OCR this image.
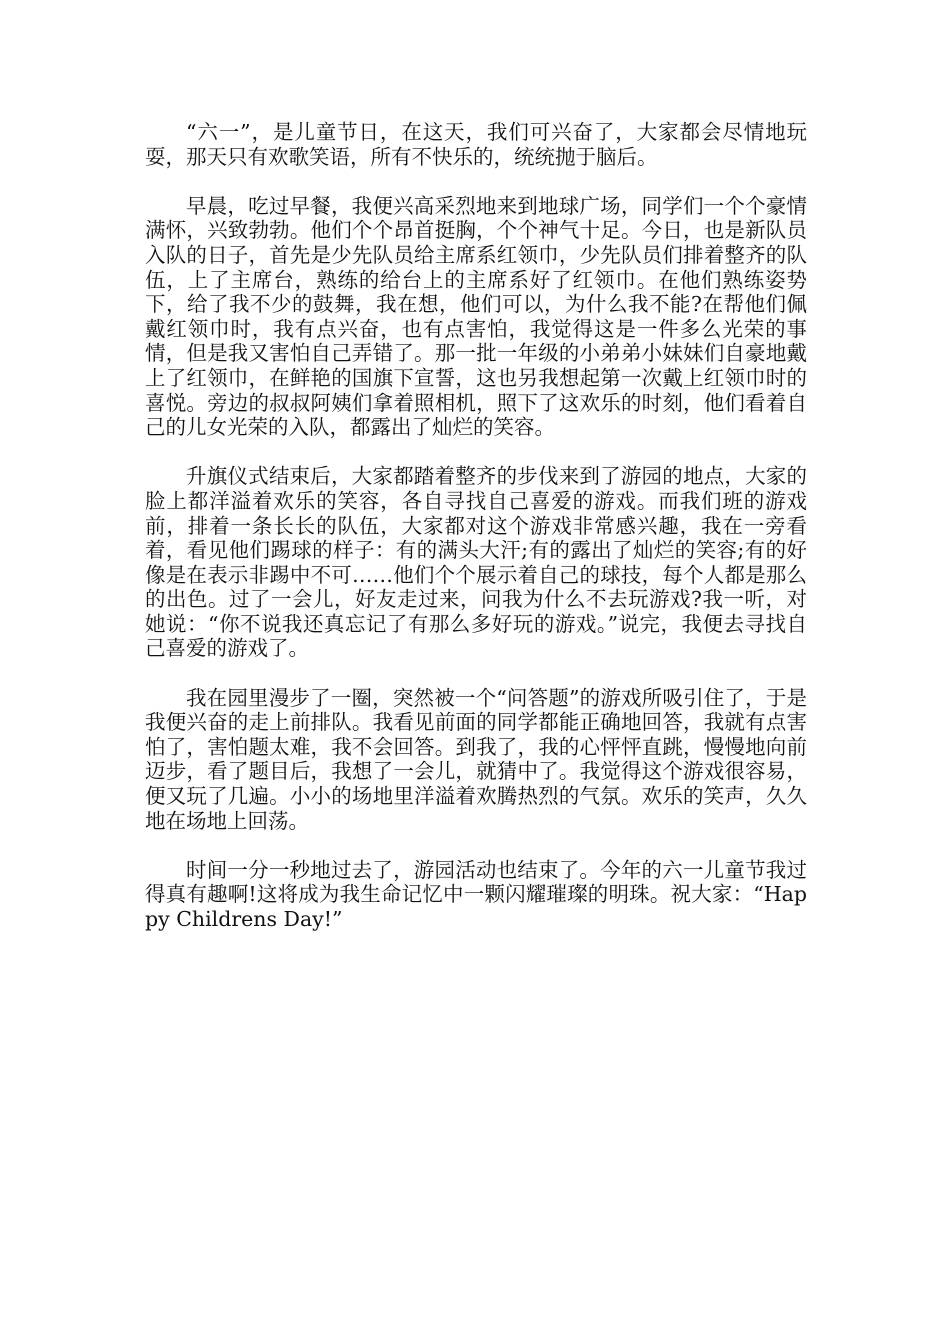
“六一”，是儿童节日，在这天，我们可兴奋了，大家都会尽情地玩耍，那天只有欢歌笑语，所有不快乐的，统统抛于脑后。

早晨，吃过早餐，我便兴高采烈地来到地球广场，同学们一个个豪情满怀，兴致勃勃。他们个个昂首挺胸，个个神气十足。今日，也是新队员入队的日子，首先是少先队员给主席系红领巾，少先队员们排着整齐的队伍，上了主席台，熟练的给台上的主席系好了红领巾。在他们熟练姿势下，给了我不少的鼓舞，我在想，他们可以，为什么我不能?在帮他们佩戴红领巾时，我有点兴奋，也有点害怕，我觉得这是一件多么光荣的事情，但是我又害怕自己弄错了。那一批一年级的小弟弟小妹妹们自豪地戴上了红领巾，在鲜艳的国旗下宣誓，这也另我想起第一次戴上红领巾时的喜悦。旁边的叔叔阿姨们拿着照相机，照下了这欢乐的时刻，他们看着自己的儿女光荣的入队，都露出了灿烂的笑容。

升旗仪式结束后，大家都踏着整齐的步伐来到了游园的地点，大家的脸上都洋溢着欢乐的笑容，各自寻找自己喜爱的游戏。而我们班的游戏前，排着一条长长的队伍，大家都对这个游戏非常感兴趣，我在一旁看着，看见他们踢球的样子：有的满头大汗;有的露出了灿烂的笑容;有的好像是在表示非踢中不可……他们个个展示着自己的球技，每个人都是那么的出色。过了一会儿，好友走过来，问我为什么不去玩游戏?我一听，对她说：“你不说我还真忘记了有那么多好玩的游戏。”说完，我便去寻找自己喜爱的游戏了。

我在园里漫步了一圈，突然被一个“问答题”的游戏所吸引住了，于是我便兴奋的走上前排队。我看见前面的同学都能正确地回答，我就有点害怕了，害怕题太难，我不会回答。到我了，我的心怦怦直跳，慢慢地向前迈步，看了题目后，我想了一会儿，就猜中了。我觉得这个游戏很容易，便又玩了几遍。小小的场地里洋溢着欢腾热烈的气氛。欢乐的笑声，久久地在场地上回荡。

时间一分一秒地过去了，游园活动也结束了。今年的六一儿童节我过得真有趣啊!这将成为我生命记忆中一颗闪耀璀璨的明珠。祝大家：“Happy Childrens Day!”
